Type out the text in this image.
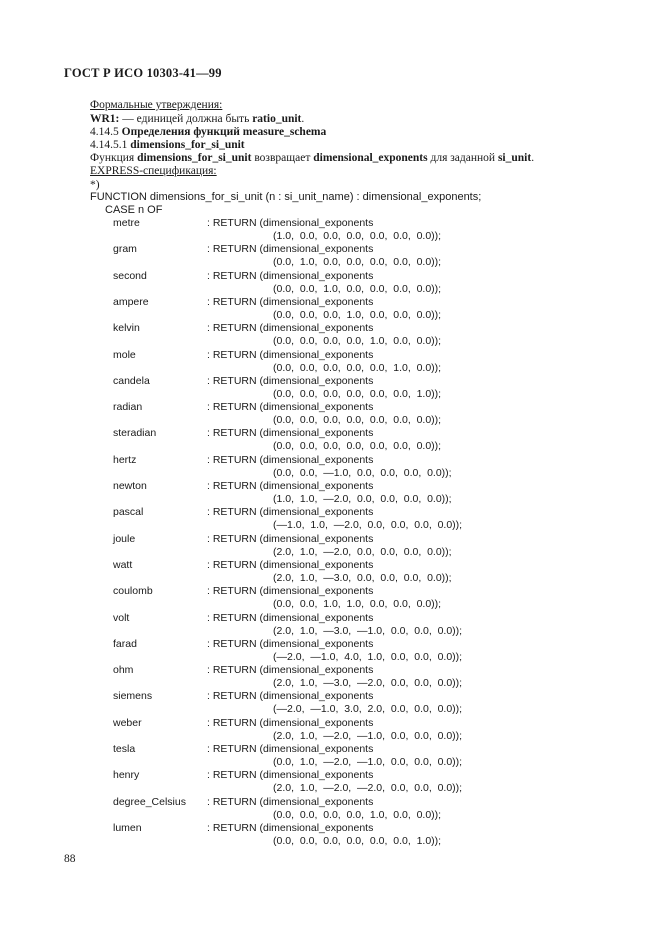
ГОСТ Р ИСО 10303-41—99
Формальные утверждения:
WR1: — единицей должна быть ratio_unit.
4.14.5 Определения функций measure_schema
4.14.5.1 dimensions_for_si_unit
Функция dimensions_for_si_unit возвращает dimensional_exponents для заданной si_unit.
EXPRESS-спецификация:
*)
FUNCTION dimensions_for_si_unit (n : si_unit_name) : dimensional_exponents;
CASE n OF
metre	: RETURN (dimensional_exponents
(1.0,  0.0,  0.0,  0.0,  0.0,  0.0,  0.0));
gram	: RETURN (dimensional_exponents
(0.0,  1.0,  0.0,  0.0,  0.0,  0.0,  0.0));
second	: RETURN (dimensional_exponents
(0.0,  0.0,  1.0,  0.0,  0.0,  0.0,  0.0));
ampere	: RETURN (dimensional_exponents
(0.0,  0.0,  0.0,  1.0,  0.0,  0.0,  0.0));
kelvin	: RETURN (dimensional_exponents
(0.0,  0.0,  0.0,  0.0,  1.0,  0.0,  0.0));
mole	: RETURN (dimensional_exponents
(0.0,  0.0,  0.0,  0.0,  0.0,  1.0,  0.0));
candela	: RETURN (dimensional_exponents
(0.0,  0.0,  0.0,  0.0,  0.0,  0.0,  1.0));
radian	: RETURN (dimensional_exponents
(0.0,  0.0,  0.0,  0.0,  0.0,  0.0,  0.0));
steradian	: RETURN (dimensional_exponents
(0.0,  0.0,  0.0,  0.0,  0.0,  0.0,  0.0));
hertz	: RETURN (dimensional_exponents
(0.0,  0.0,  —1.0,  0.0,  0.0,  0.0,  0.0));
newton	: RETURN (dimensional_exponents
(1.0,  1.0,  —2.0,  0.0,  0.0,  0.0,  0.0));
pascal	: RETURN (dimensional_exponents
(—1.0,  1.0,  —2.0,  0.0,  0.0,  0.0,  0.0));
joule	: RETURN (dimensional_exponents
(2.0,  1.0,  —2.0,  0.0,  0.0,  0.0,  0.0));
watt	: RETURN (dimensional_exponents
(2.0,  1.0,  —3.0,  0.0,  0.0,  0.0,  0.0));
coulomb	: RETURN (dimensional_exponents
(0.0,  0.0,  1.0,  1.0,  0.0,  0.0,  0.0));
volt	: RETURN (dimensional_exponents
(2.0,  1.0,  —3.0,  —1.0,  0.0,  0.0,  0.0));
farad	: RETURN (dimensional_exponents
(—2.0,  —1.0,  4.0,  1.0,  0.0,  0.0,  0.0));
ohm	: RETURN (dimensional_exponents
(2.0,  1.0,  —3.0,  —2.0,  0.0,  0.0,  0.0));
siemens	: RETURN (dimensional_exponents
(—2.0,  —1.0,  3.0,  2.0,  0.0,  0.0,  0.0));
weber	: RETURN (dimensional_exponents
(2.0,  1.0,  —2.0,  —1.0,  0.0,  0.0,  0.0));
tesla	: RETURN (dimensional_exponents
(0.0,  1.0,  —2.0,  —1.0,  0.0,  0.0,  0.0));
henry	: RETURN (dimensional_exponents
(2.0,  1.0,  —2.0,  —2.0,  0.0,  0.0,  0.0));
degree_Celsius : RETURN (dimensional_exponents
(0.0,  0.0,  0.0,  0.0,  1.0,  0.0,  0.0));
lumen	: RETURN (dimensional_exponents
(0.0,  0.0,  0.0,  0.0,  0.0,  0.0,  1.0));
88
